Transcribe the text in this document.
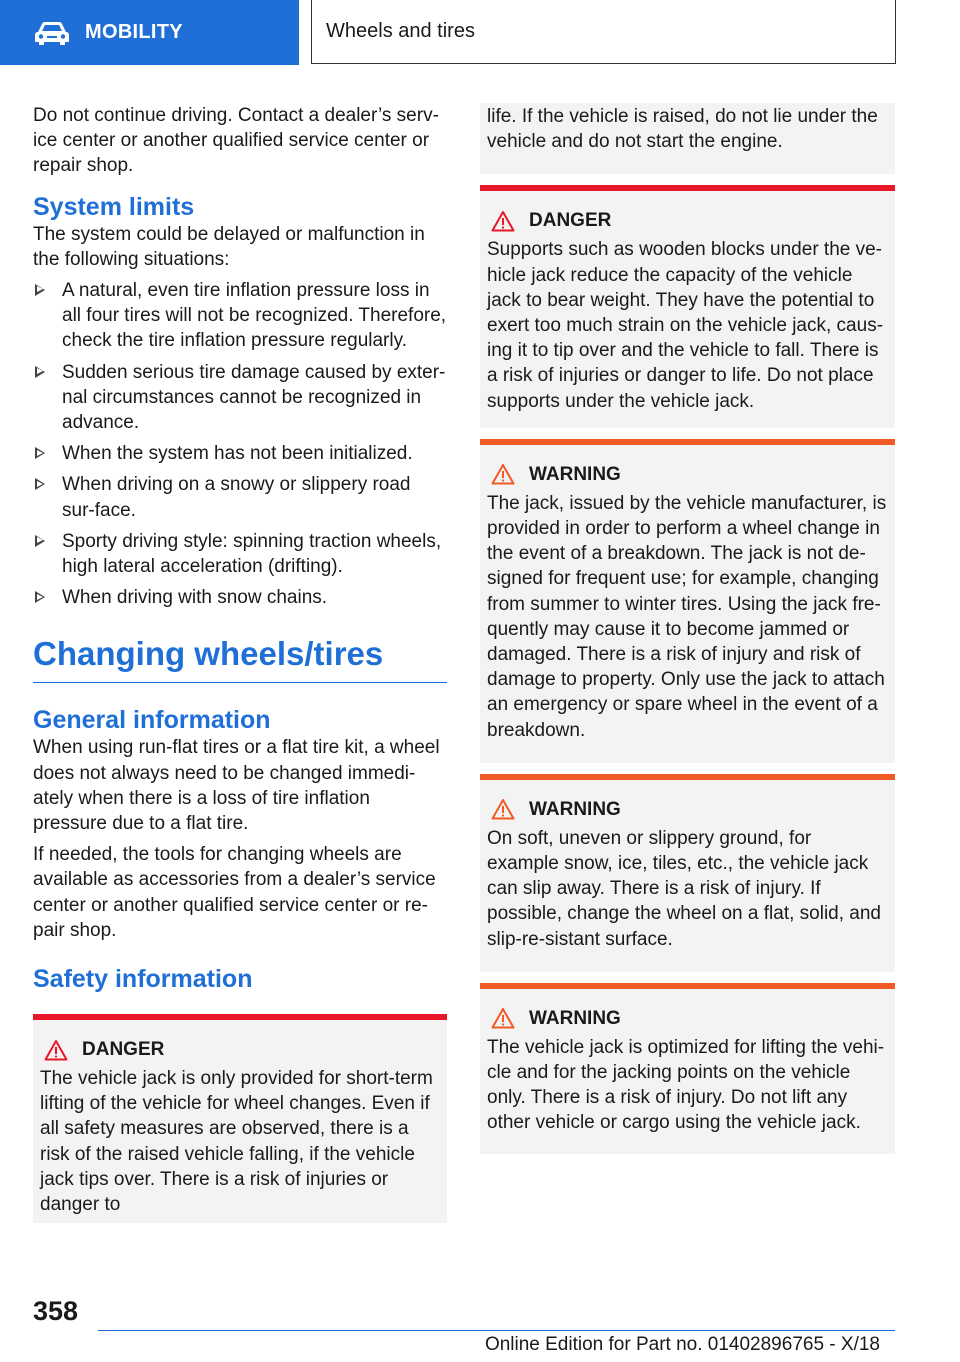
MOBILITY	Wheels and tires

Do not continue driving. Contact a dealer’s serv-ice center or another qualified service center or repair shop.

System limits

The system could be delayed or malfunction in the following situations:

A natural, even tire inflation pressure loss in all four tires will not be recognized. Therefore, check the tire inflation pressure regularly.
Sudden serious tire damage caused by exter-nal circumstances cannot be recognized in advance.
When the system has not been initialized.
When driving on a snowy or slippery road sur-face.
Sporty driving style: spinning traction wheels, high lateral acceleration (drifting).
When driving with snow chains.
Changing wheels/tires
General information

When using run-flat tires or a flat tire kit, a wheel does not always need to be changed immedi-ately when there is a loss of tire inflation pressure due to a flat tire.

If needed, the tools for changing wheels are available as accessories from a dealer’s service center or another qualified service center or re-pair shop.

Safety information
DANGER

The vehicle jack is only provided for short-term lifting of the vehicle for wheel changes. Even if all safety measures are observed, there is a risk of the raised vehicle falling, if the vehicle jack tips over. There is a risk of injuries or danger to

life. If the vehicle is raised, do not lie under the vehicle and do not start the engine.

DANGER

Supports such as wooden blocks under the ve-hicle jack reduce the capacity of the vehicle jack to bear weight. They have the potential to exert too much strain on the vehicle jack, caus-ing it to tip over and the vehicle to fall. There is a risk of injuries or danger to life. Do not place supports under the vehicle jack.

WARNING

The jack, issued by the vehicle manufacturer, is provided in order to perform a wheel change in the event of a breakdown. The jack is not de-signed for frequent use; for example, changing from summer to winter tires. Using the jack fre-quently may cause it to become jammed or damaged. There is a risk of injury and risk of damage to property. Only use the jack to attach an emergency or spare wheel in the event of a breakdown.

WARNING

On soft, uneven or slippery ground, for example snow, ice, tiles, etc., the vehicle jack can slip away. There is a risk of injury. If possible, change the wheel on a flat, solid, and slip-re-sistant surface.

WARNING

The vehicle jack is optimized for lifting the vehi-cle and for the jacking points on the vehicle only. There is a risk of injury. Do not lift any other vehicle or cargo using the vehicle jack.

358
Online Edition for Part no. 01402896765 - X/18
